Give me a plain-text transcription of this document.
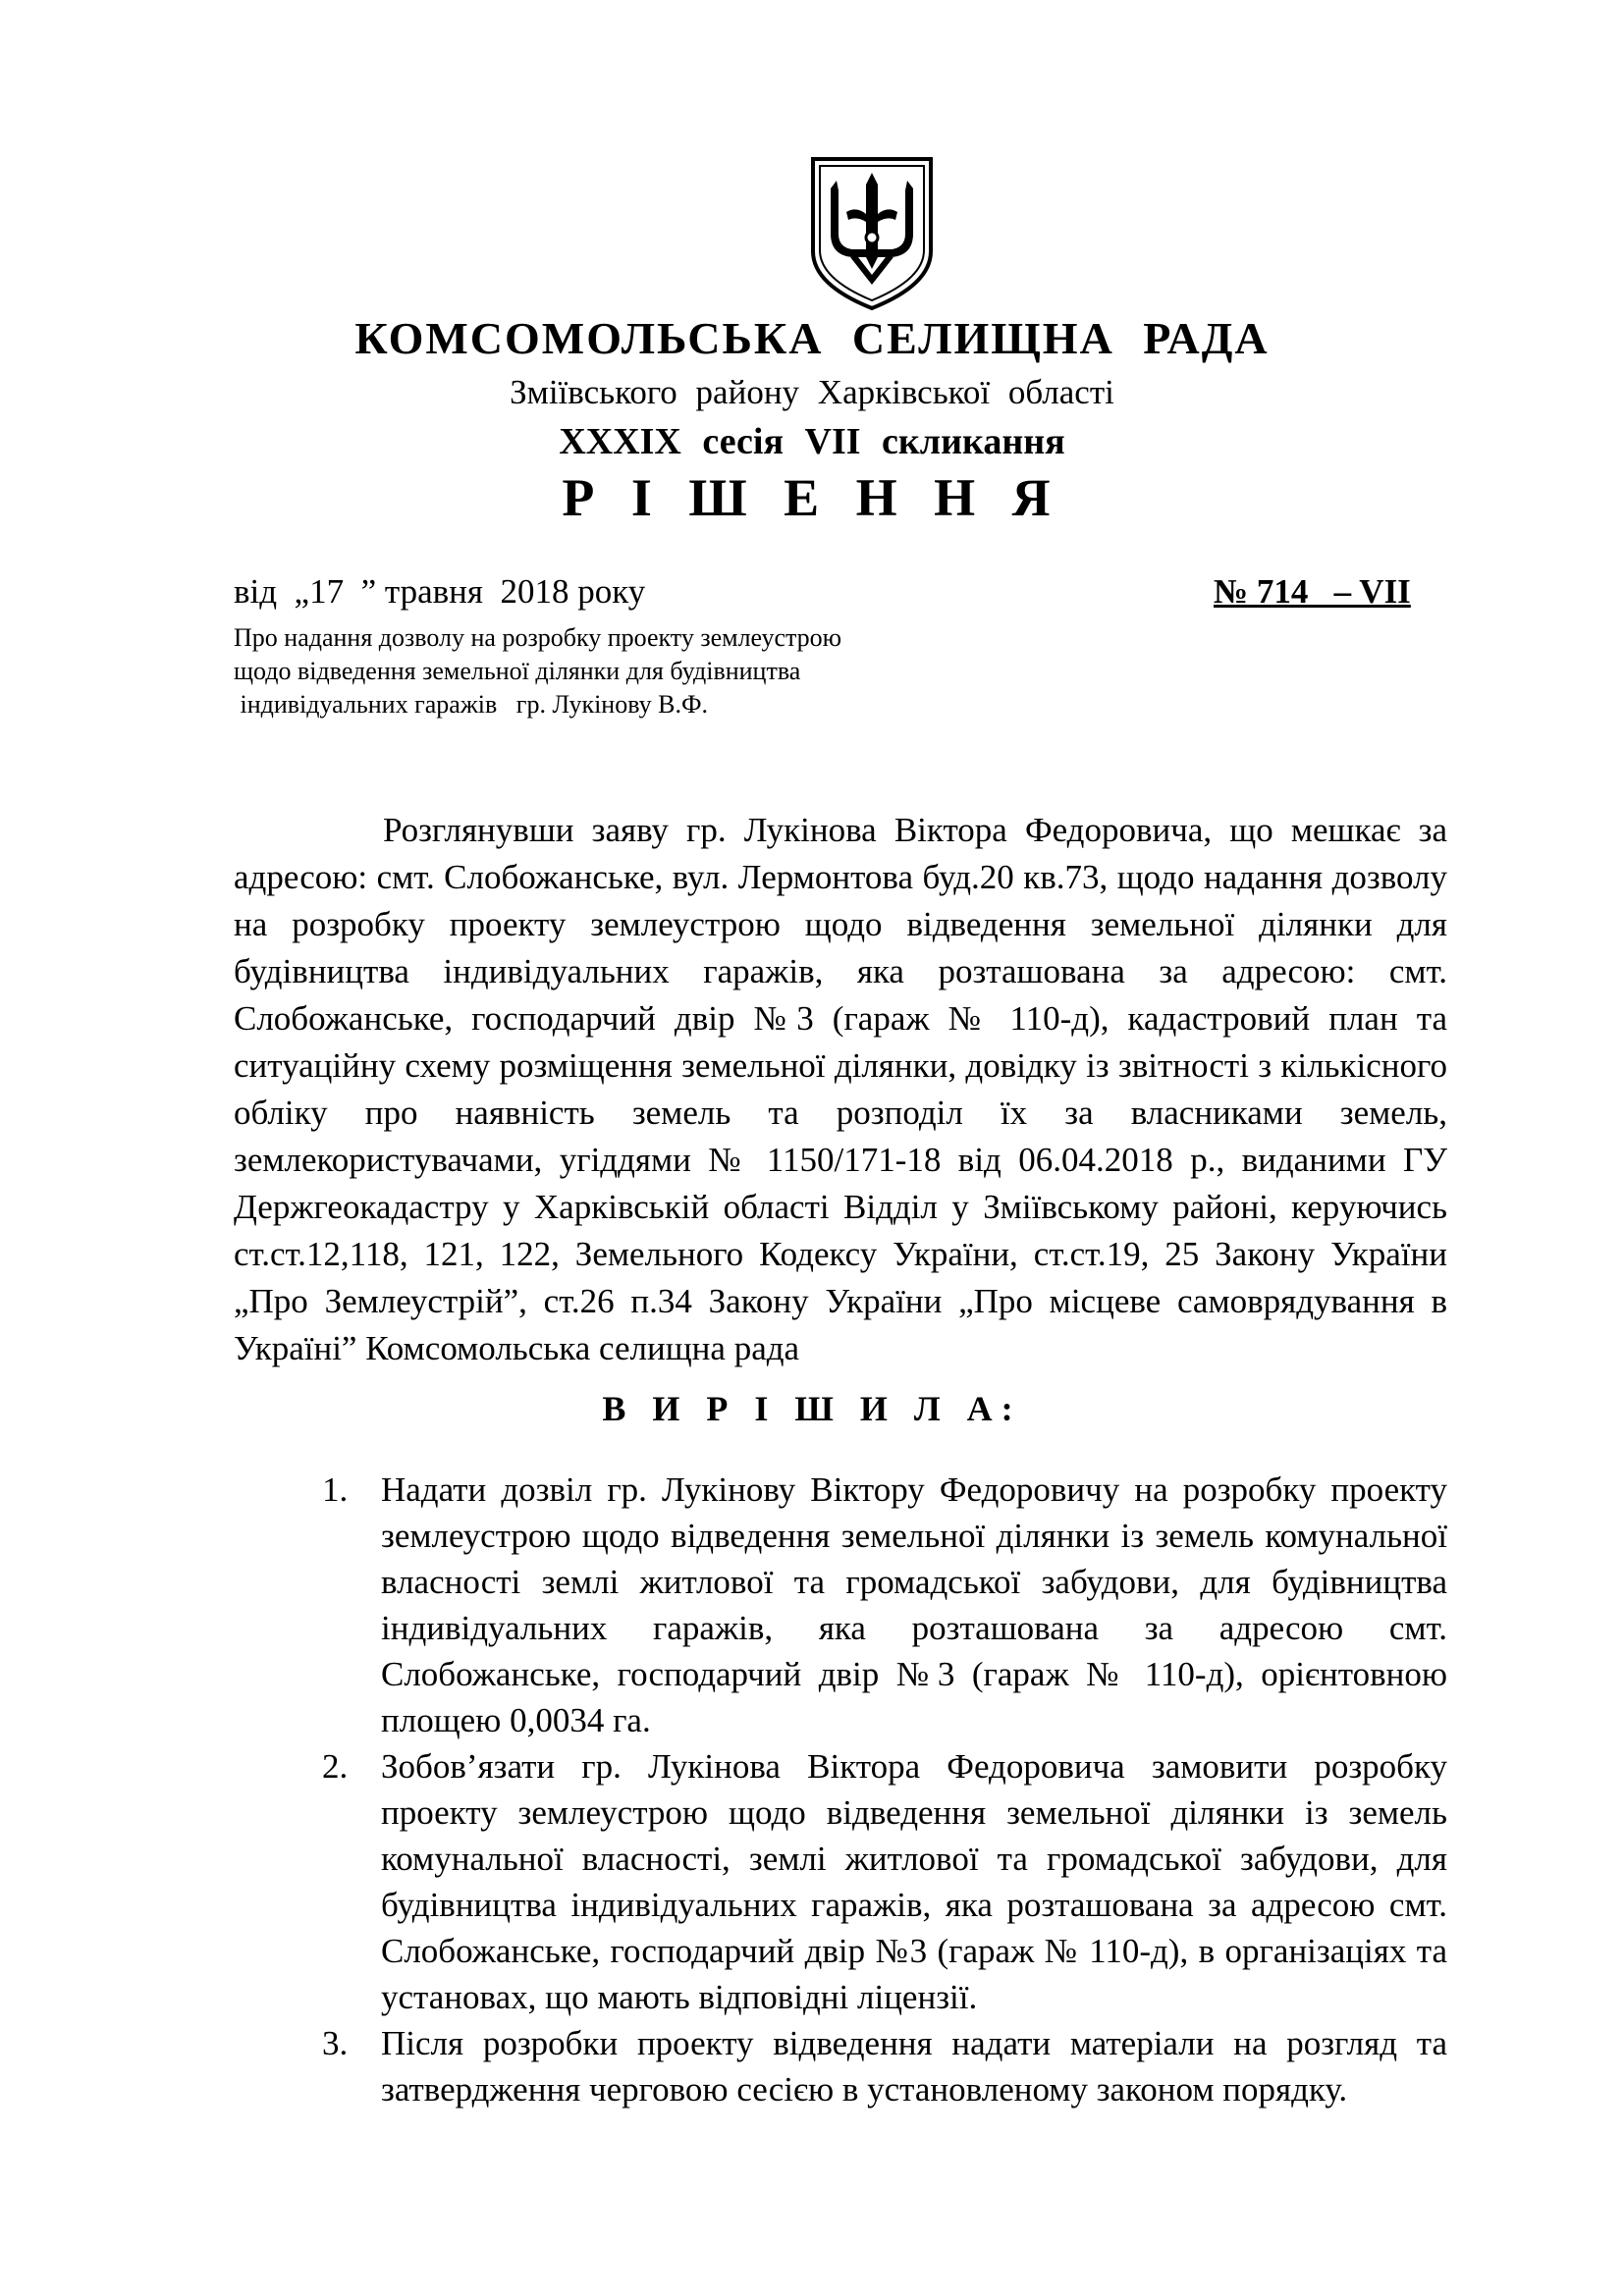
КОМСОМОЛЬСЬКА СЕЛИЩНА РАДА
Зміївського району Харківської області
XXXIX сесія VII скликання
Р І Ш Е Н Н Я
від  „17  ” травня  2018 року	№ 714   – VII
Про надання дозволу на розробку проекту землеустрою
щодо відведення земельної ділянки для будівництва
індивідуальних гаражів   гр. Лукінову В.Ф.
Розглянувши заяву гр. Лукінова Віктора Федоровича, що мешкає за адресою: смт. Слобожанське, вул. Лермонтова буд.20 кв.73, щодо надання дозволу на розробку проекту землеустрою щодо відведення земельної ділянки для будівництва індивідуальних гаражів, яка розташована за адресою: смт. Слобожанське, господарчий двір №3 (гараж № 110-д), кадастровий план та ситуаційну схему розміщення земельної ділянки, довідку із звітності з кількісного обліку про наявність земель та розподіл їх за власниками земель, землекористувачами, угіддями № 1150/171-18 від 06.04.2018 р., виданими ГУ Держгеокадастру у Харківській області Відділ у Зміївському районі, керуючись ст.ст.12,118, 121, 122, Земельного Кодексу України, ст.ст.19, 25 Закону України „Про Землеустрій”, ст.26 п.34 Закону України „Про місцеве самоврядування в Україні” Комсомольська селищна рада
В И Р І Ш И Л А:
1. Надати дозвіл гр. Лукінову Віктору Федоровичу на розробку проекту землеустрою щодо відведення земельної ділянки із земель комунальної власності землі житлової та громадської забудови, для будівництва індивідуальних гаражів, яка розташована за адресою смт. Слобожанське, господарчий двір №3 (гараж № 110-д), орієнтовною площею 0,0034 га.
2. Зобов’язати гр. Лукінова Віктора Федоровича замовити розробку проекту землеустрою щодо відведення земельної ділянки із земель комунальної власності, землі житлової та громадської забудови, для будівництва індивідуальних гаражів, яка розташована за адресою смт. Слобожанське, господарчий двір №3 (гараж № 110-д), в організаціях та установах, що мають відповідні ліцензії.
3. Після розробки проекту відведення надати матеріали на розгляд та затвердження черговою сесією в установленому законом порядку.
